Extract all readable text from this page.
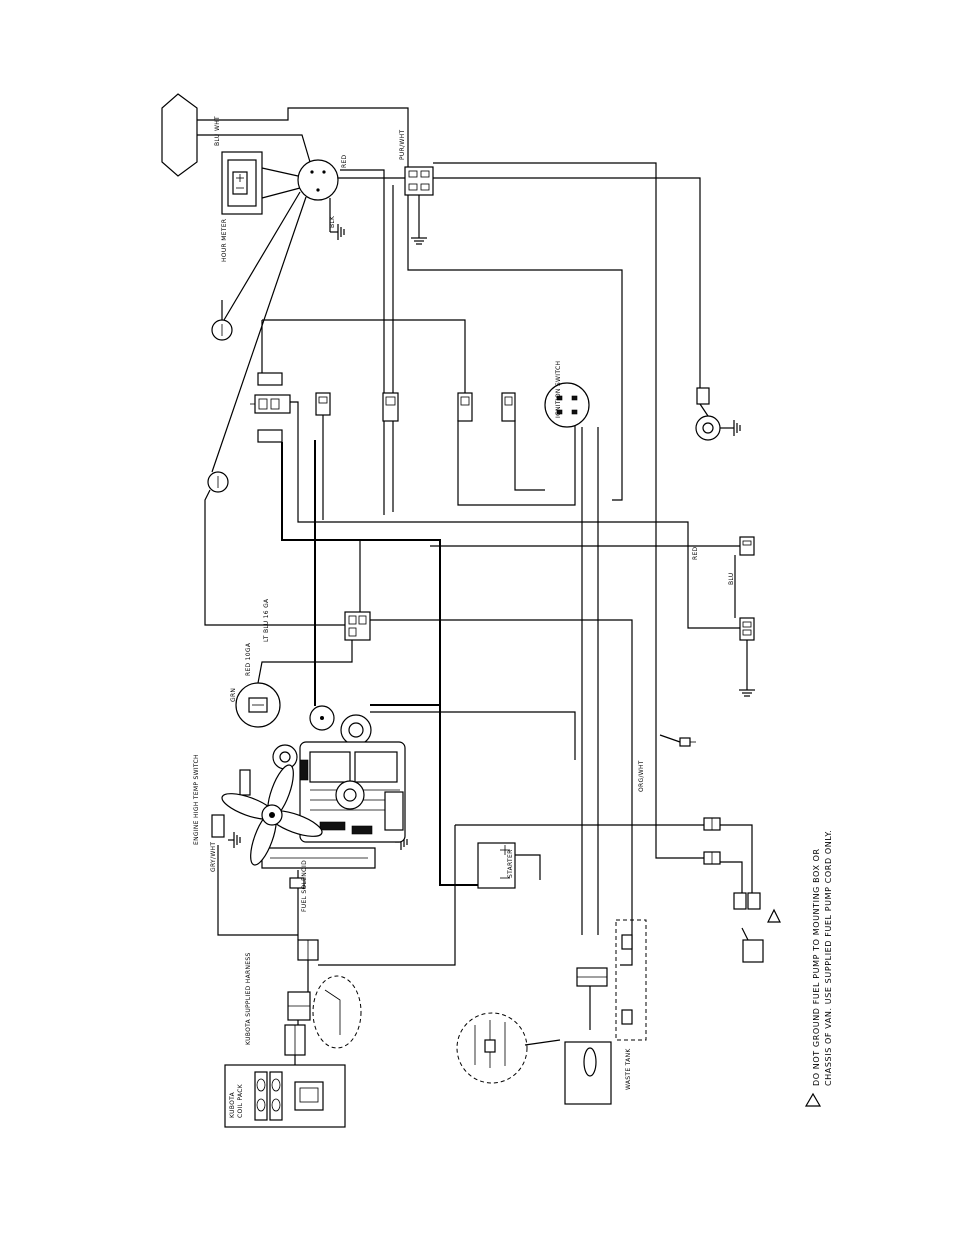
DO NOT GROUND FUEL PUMP TO MOUNTING BOX OR CHASSIS OF VAN. USE SUPPLIED FUEL PUMP CORD ONLY.
HOUR METER
IGNITION SWITCH
ENGINE HIGH TEMP SWITCH
FUEL SOLENOID	STARTER
KUBOTA SUPPLIED HARNESS
KUBOTA COIL PACK
WASTE TANK
WHT
BLU
BLK
RED
PUR/WHT
LT BLU 16 GA
RED 10GA
GRN
GRY/WHT
ORG/WHT
BLU
RED
